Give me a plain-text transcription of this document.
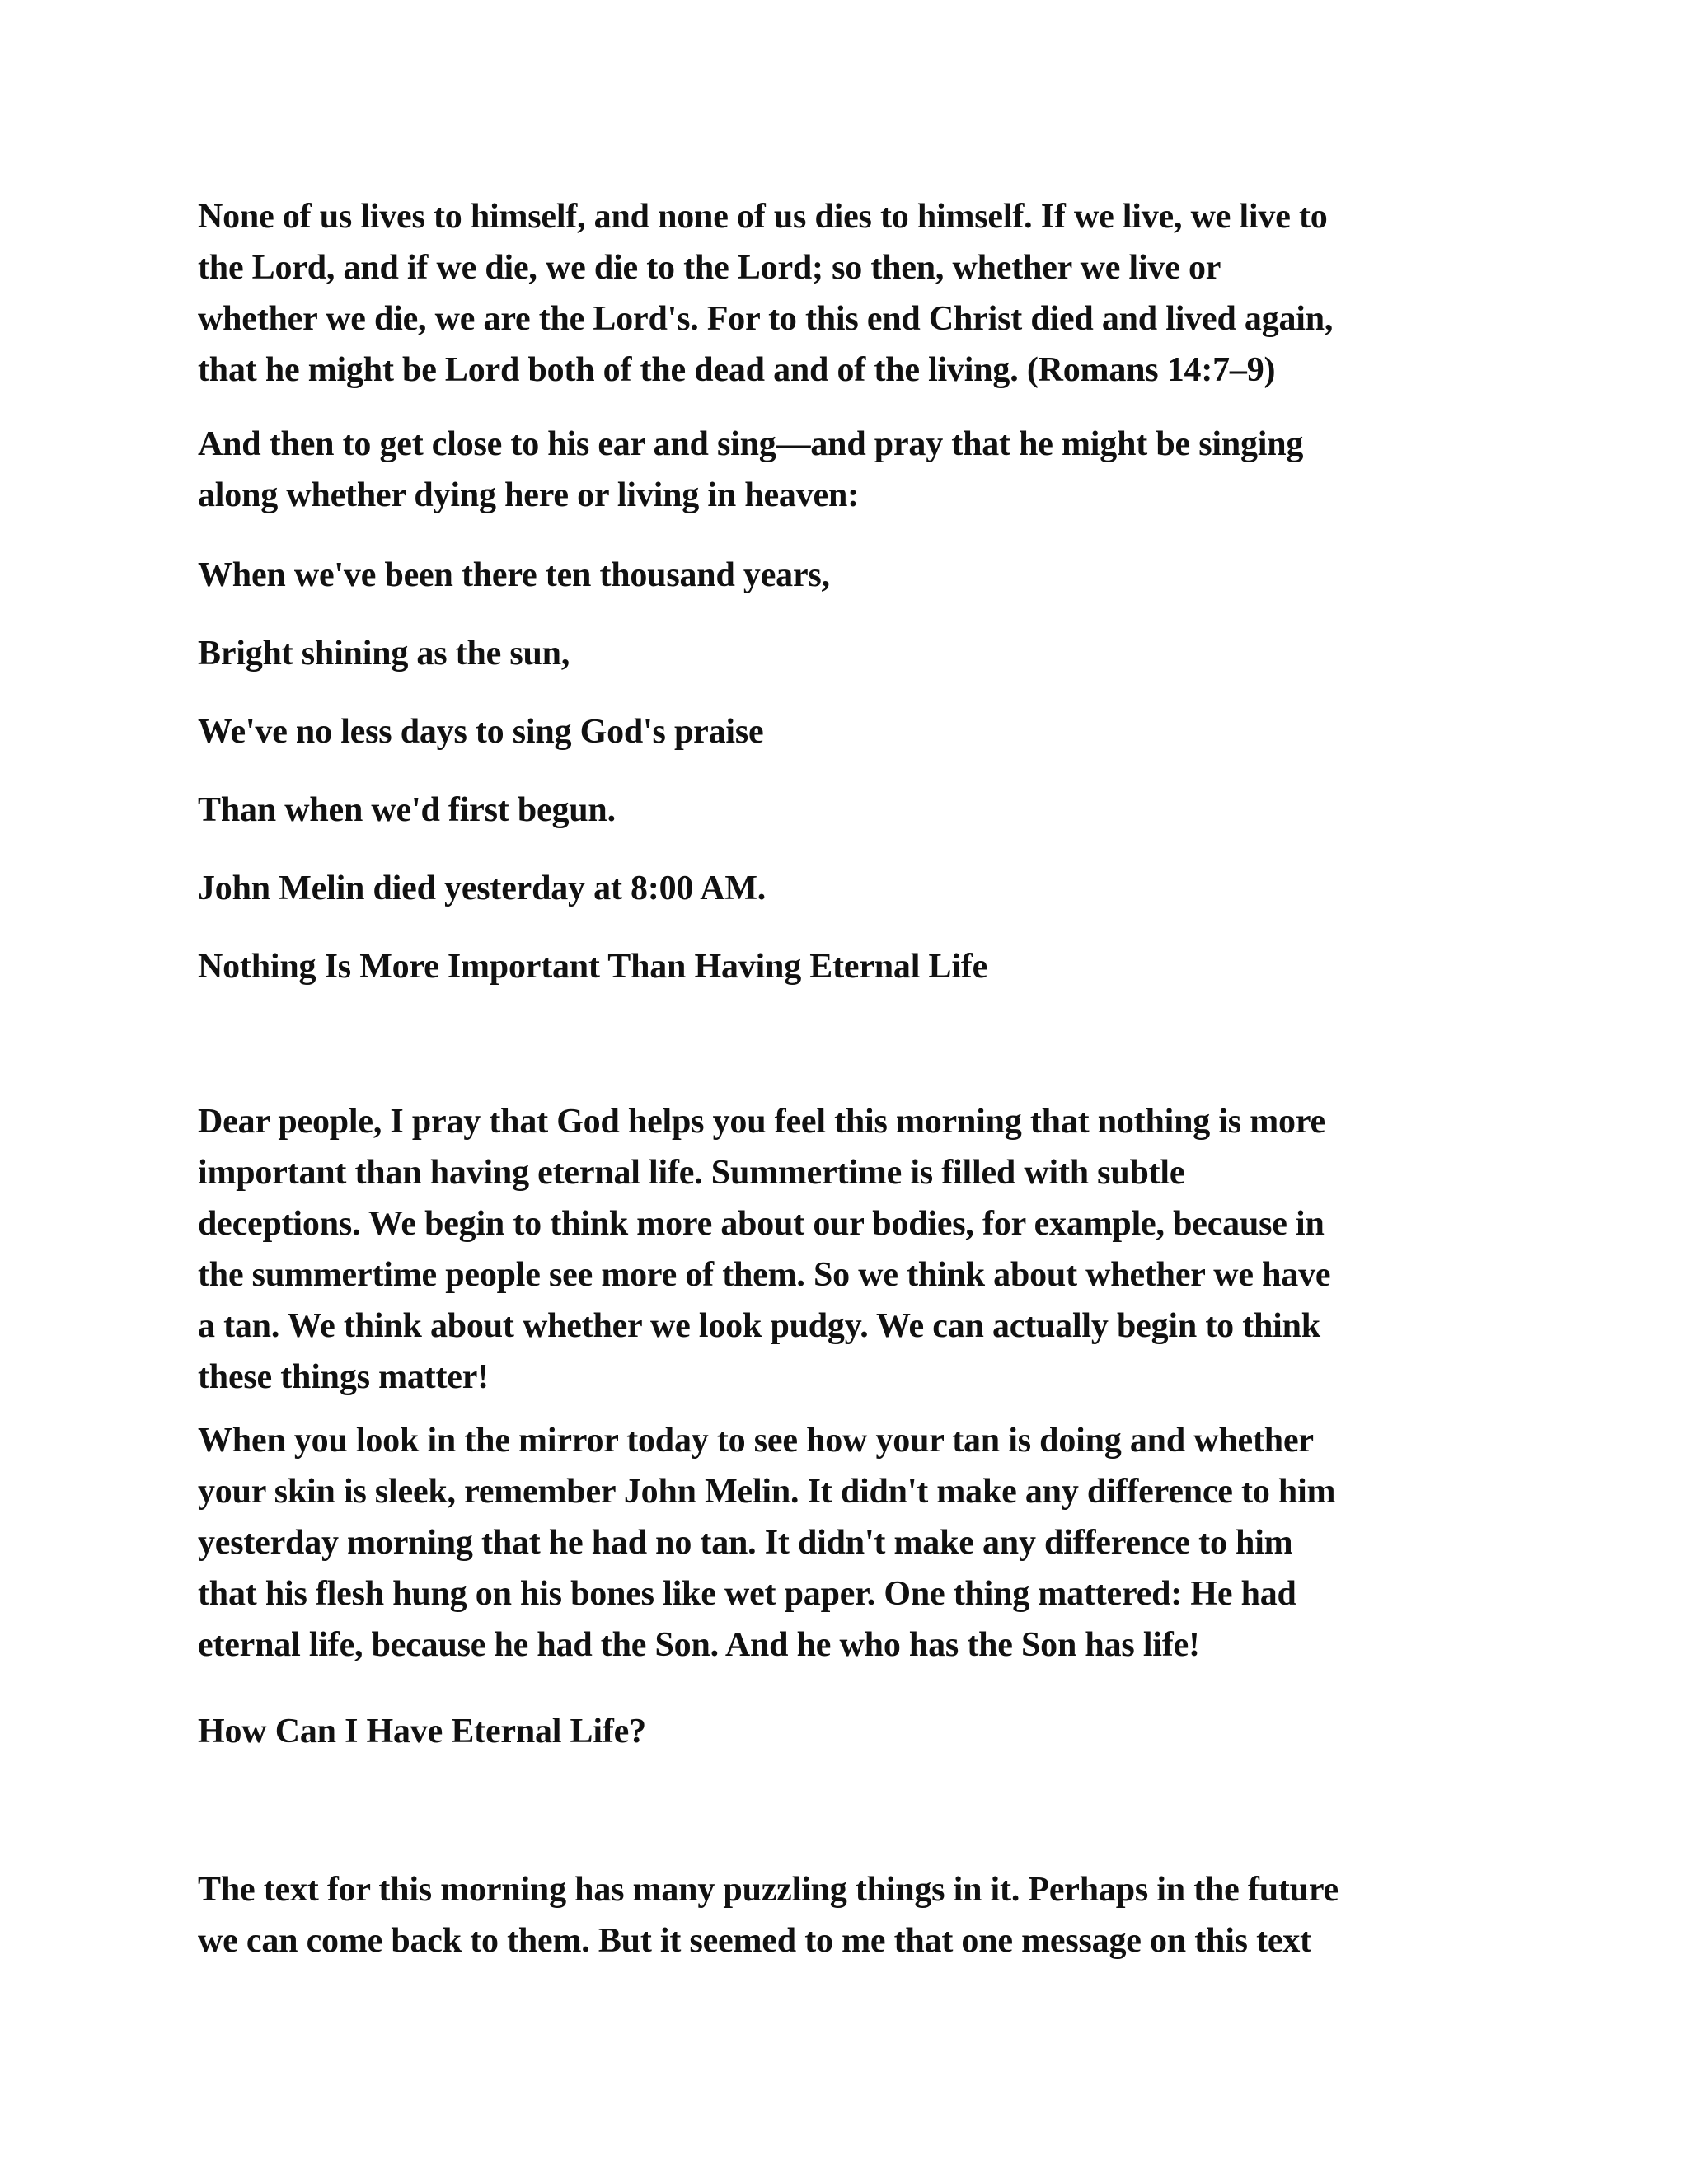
None of us lives to himself, and none of us dies to himself. If we live, we live to
the Lord, and if we die, we die to the Lord; so then, whether we live or
whether we die, we are the Lord's. For to this end Christ died and lived again,
that he might be Lord both of the dead and of the living. (Romans 14:7–9)

And then to get close to his ear and sing—and pray that he might be singing
along whether dying here or living in heaven:

When we've been there ten thousand years,

Bright shining as the sun,

We've no less days to sing God's praise

Than when we'd first begun.

John Melin died yesterday at 8:00 AM.

Nothing Is More Important Than Having Eternal Life

Dear people, I pray that God helps you feel this morning that nothing is more
important than having eternal life. Summertime is filled with subtle
deceptions. We begin to think more about our bodies, for example, because in
the summertime people see more of them. So we think about whether we have
a tan. We think about whether we look pudgy. We can actually begin to think
these things matter!

When you look in the mirror today to see how your tan is doing and whether
your skin is sleek, remember John Melin. It didn't make any difference to him
yesterday morning that he had no tan. It didn't make any difference to him
that his flesh hung on his bones like wet paper. One thing mattered: He had
eternal life, because he had the Son. And he who has the Son has life!

How Can I Have Eternal Life?

The text for this morning has many puzzling things in it. Perhaps in the future
we can come back to them. But it seemed to me that one message on this text
